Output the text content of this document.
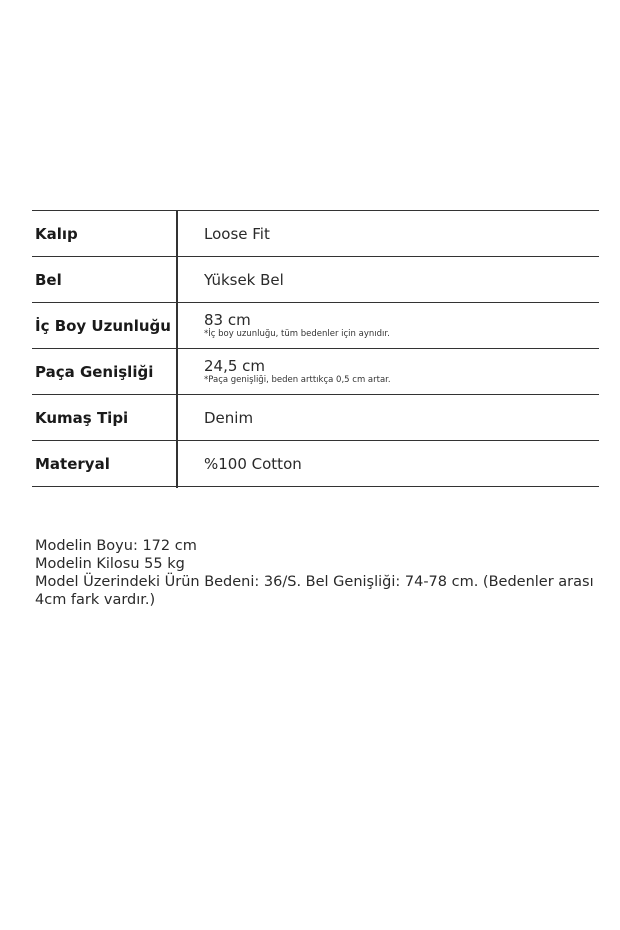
Kalıp	Loose Fit
Bel	Yüksek Bel
İç Boy Uzunluğu 83 cm
*İç boy uzunluğu, tüm bedenler için aynıdır.
Paça Genişliği	24,5 cm
*Paça genişliği, beden arttıkça 0,5 cm artar.
Kumaş Tipi	Denim
Materyal	%100 Cotton
Modelin Boyu: 172 cm
Modelin Kilosu 55 kg
Model Üzerindeki Ürün Bedeni: 36/S. Bel Genişliği: 74-78 cm. (Bedenler arası 4cm fark vardır.)
